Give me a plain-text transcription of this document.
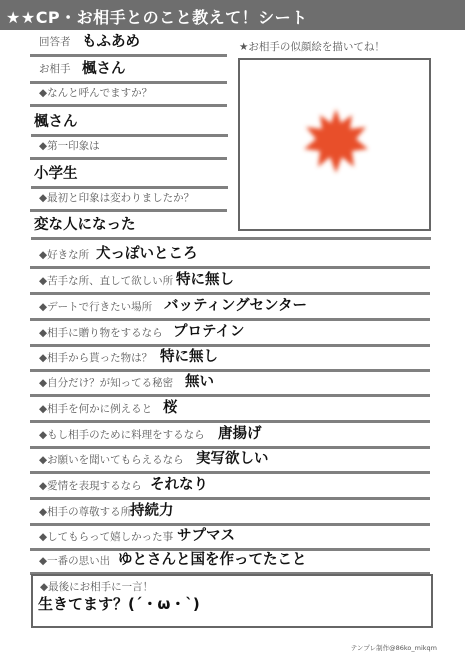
★★CP・お相手とのこと教えて！シート
回答者 もふあめ
お相手 楓さん
◆なんと呼んでますか？
楓さん
◆第一印象は
小学生
◆最初と印象は変わりましたか？
変な人になった
★お相手の似顔絵を描いてね！
◆好きな所 犬っぽいところ
◆苦手な所、直して欲しい所 特に無し
◆デートで行きたい場所 バッティングセンター
◆相手に贈り物をするなら プロテイン
◆相手から貰った物は？ 特に無し
◆自分だけ？が知ってる秘密 無い
◆相手を何かに例えると 桜
◆もし相手のために料理をするなら 唐揚げ
◆お願いを聞いてもらえるなら 実写欲しい
◆愛情を表現するなら それなり
◆相手の尊敬する所
持続力
◆してもらって嬉しかった事 サプマス
◆一番の思い出 ゆとさんと国を作ってたこと
◆最後にお相手に一言！
生きてます？(´・ω・`)
テンプレ制作@86ko_mikqm
